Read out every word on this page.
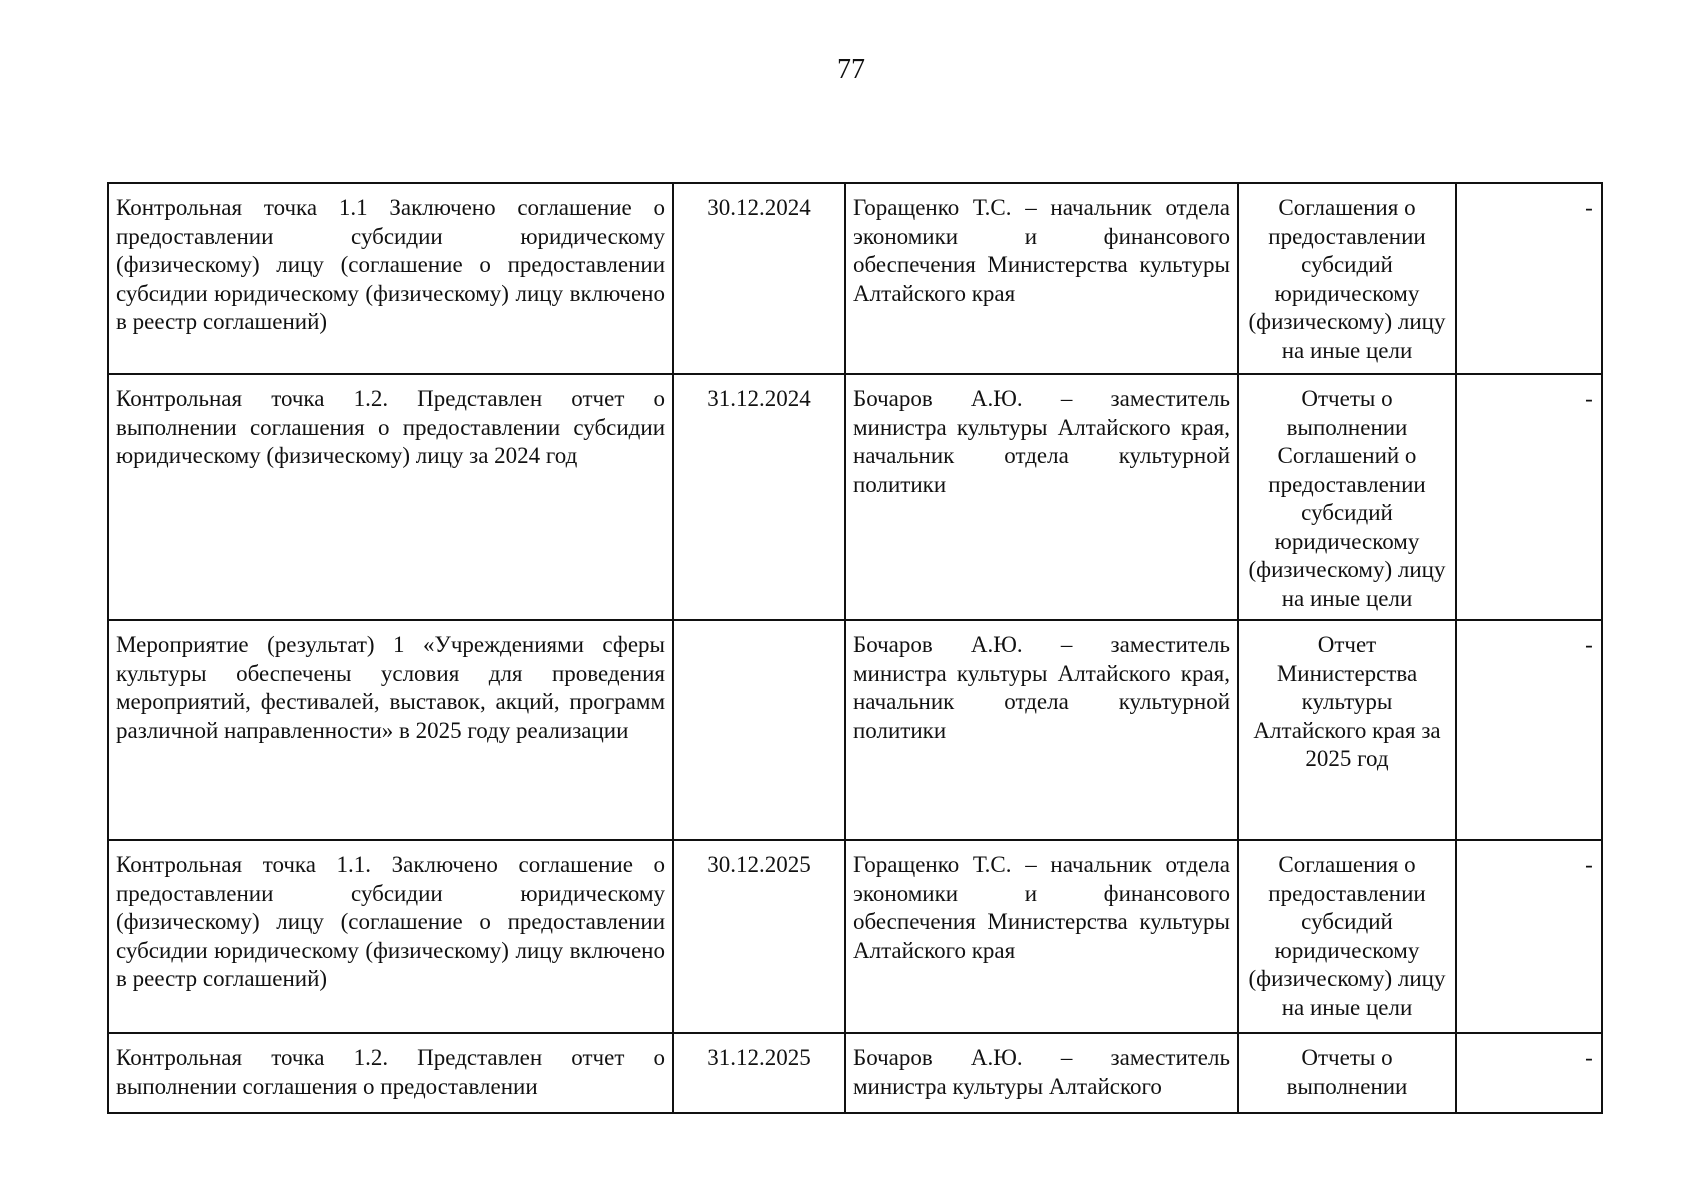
77
Контрольная точка 1.1 Заключено соглашение о предоставлении субсидии юридическому (физическому) лицу (соглашение о предоставлении субсидии юридическому (физическому) лицу включено в реестр соглашений)	30.12.2024	Горащенко Т.С. – начальник отдела экономики и финансового обеспечения Министерства культуры Алтайского края	Соглашения о предоставлении субсидий юридическому (физическому) лицу на иные цели	-
Контрольная точка 1.2. Представлен отчет о выполнении соглашения о предоставлении субсидии юридическому (физическому) лицу за 2024 год	31.12.2024	Бочаров А.Ю. – заместитель министра культуры Алтайского края, начальник отдела культурной политики	Отчеты о выполнении Соглашений о предоставлении субсидий юридическому (физическому) лицу на иные цели	-
Мероприятие (результат) 1 «Учреждениями сферы культуры обеспечены условия для проведения мероприятий, фестивалей, выставок, акций, программ различной направленности» в 2025 году реализации		Бочаров А.Ю. – заместитель министра культуры Алтайского края, начальник отдела культурной политики	Отчет Министерства культуры Алтайского края за 2025 год	-
Контрольная точка 1.1. Заключено соглашение о предоставлении субсидии юридическому (физическому) лицу (соглашение о предоставлении субсидии юридическому (физическому) лицу включено в реестр соглашений)	30.12.2025	Горащенко Т.С. – начальник отдела экономики и финансового обеспечения Министерства культуры Алтайского края	Соглашения о предоставлении субсидий юридическому (физическому) лицу на иные цели	-
Контрольная точка 1.2. Представлен отчет о выполнении соглашения о предоставлении	31.12.2025	Бочаров А.Ю. – заместитель министра культуры Алтайского	Отчеты о выполнении	-
